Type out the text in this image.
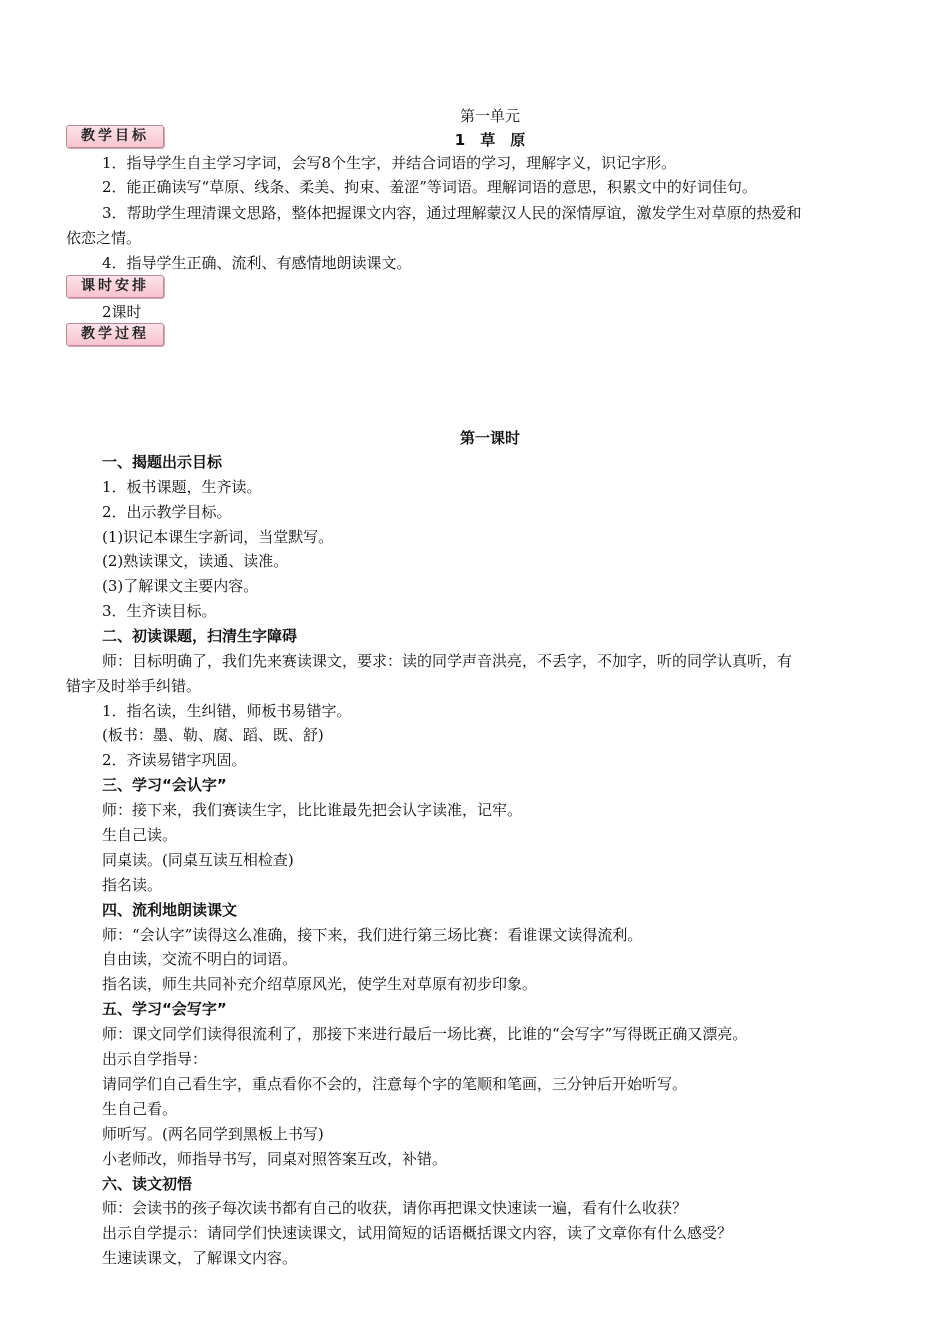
第一单元
1　草　原
教学目标
1．指导学生自主学习字词，会写8个生字，并结合词语的学习，理解字义，识记字形。
2．能正确读写“草原、线条、柔美、拘束、羞涩”等词语。理解词语的意思，积累文中的好词佳句。
3．帮助学生理清课文思路，整体把握课文内容，通过理解蒙汉人民的深情厚谊，激发学生对草原的热爱和
依恋之情。
4．指导学生正确、流利、有感情地朗读课文。
课时安排
2课时
教学过程
第一课时
一、揭题出示目标
1．板书课题，生齐读。
2．出示教学目标。
(1)识记本课生字新词，当堂默写。
(2)熟读课文，读通、读准。
(3)了解课文主要内容。
3．生齐读目标。
二、初读课题，扫清生字障碍
师：目标明确了，我们先来赛读课文，要求：读的同学声音洪亮，不丢字，不加字，听的同学认真听，有
错字及时举手纠错。
1．指名读，生纠错，师板书易错字。
(板书：墨、勒、腐、蹈、既、舒)
2．齐读易错字巩固。
三、学习“会认字”
师：接下来，我们赛读生字，比比谁最先把会认字读准，记牢。
生自己读。
同桌读。(同桌互读互相检查)
指名读。
四、流利地朗读课文
师：“会认字”读得这么准确，接下来，我们进行第三场比赛：看谁课文读得流利。
自由读，交流不明白的词语。
指名读，师生共同补充介绍草原风光，使学生对草原有初步印象。
五、学习“会写字”
师：课文同学们读得很流利了，那接下来进行最后一场比赛，比谁的“会写字”写得既正确又漂亮。
出示自学指导：
请同学们自己看生字，重点看你不会的，注意每个字的笔顺和笔画，三分钟后开始听写。
生自己看。
师听写。(两名同学到黑板上书写)
小老师改，师指导书写，同桌对照答案互改，补错。
六、读文初悟
师：会读书的孩子每次读书都有自己的收获，请你再把课文快速读一遍，看有什么收获？
出示自学提示：请同学们快速读课文，试用简短的话语概括课文内容，读了文章你有什么感受？
生速读课文，了解课文内容。
